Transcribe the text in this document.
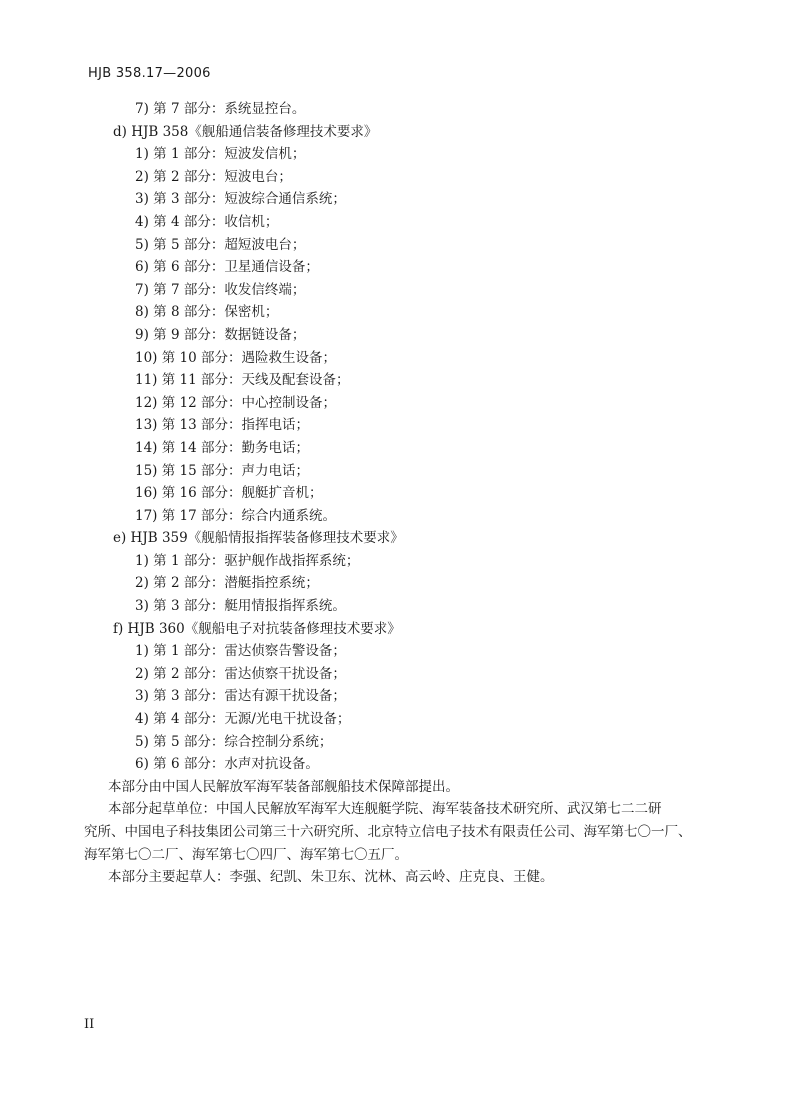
HJB 358.17—2006
7) 第 7 部分：系统显控台。
d) HJB 358《舰船通信装备修理技术要求》
1) 第 1 部分：短波发信机；
2) 第 2 部分：短波电台；
3) 第 3 部分：短波综合通信系统；
4) 第 4 部分：收信机；
5) 第 5 部分：超短波电台；
6) 第 6 部分：卫星通信设备；
7) 第 7 部分：收发信终端；
8) 第 8 部分：保密机；
9) 第 9 部分：数据链设备；
10) 第 10 部分：遇险救生设备；
11) 第 11 部分：天线及配套设备；
12) 第 12 部分：中心控制设备；
13) 第 13 部分：指挥电话；
14) 第 14 部分：勤务电话；
15) 第 15 部分：声力电话；
16) 第 16 部分：舰艇扩音机；
17) 第 17 部分：综合内通系统。
e) HJB 359《舰船情报指挥装备修理技术要求》
1) 第 1 部分：驱护舰作战指挥系统；
2) 第 2 部分：潜艇指控系统；
3) 第 3 部分：艇用情报指挥系统。
f) HJB 360《舰船电子对抗装备修理技术要求》
1) 第 1 部分：雷达侦察告警设备；
2) 第 2 部分：雷达侦察干扰设备；
3) 第 3 部分：雷达有源干扰设备；
4) 第 4 部分：无源/光电干扰设备；
5) 第 5 部分：综合控制分系统；
6) 第 6 部分：水声对抗设备。
本部分由中国人民解放军海军装备部舰船技术保障部提出。
本部分起草单位：中国人民解放军海军大连舰艇学院、海军装备技术研究所、武汉第七二二研
究所、中国电子科技集团公司第三十六研究所、北京特立信电子技术有限责任公司、海军第七〇一厂、
海军第七〇二厂、海军第七〇四厂、海军第七〇五厂。
本部分主要起草人：李强、纪凯、朱卫东、沈林、高云岭、庄克良、王健。
II
